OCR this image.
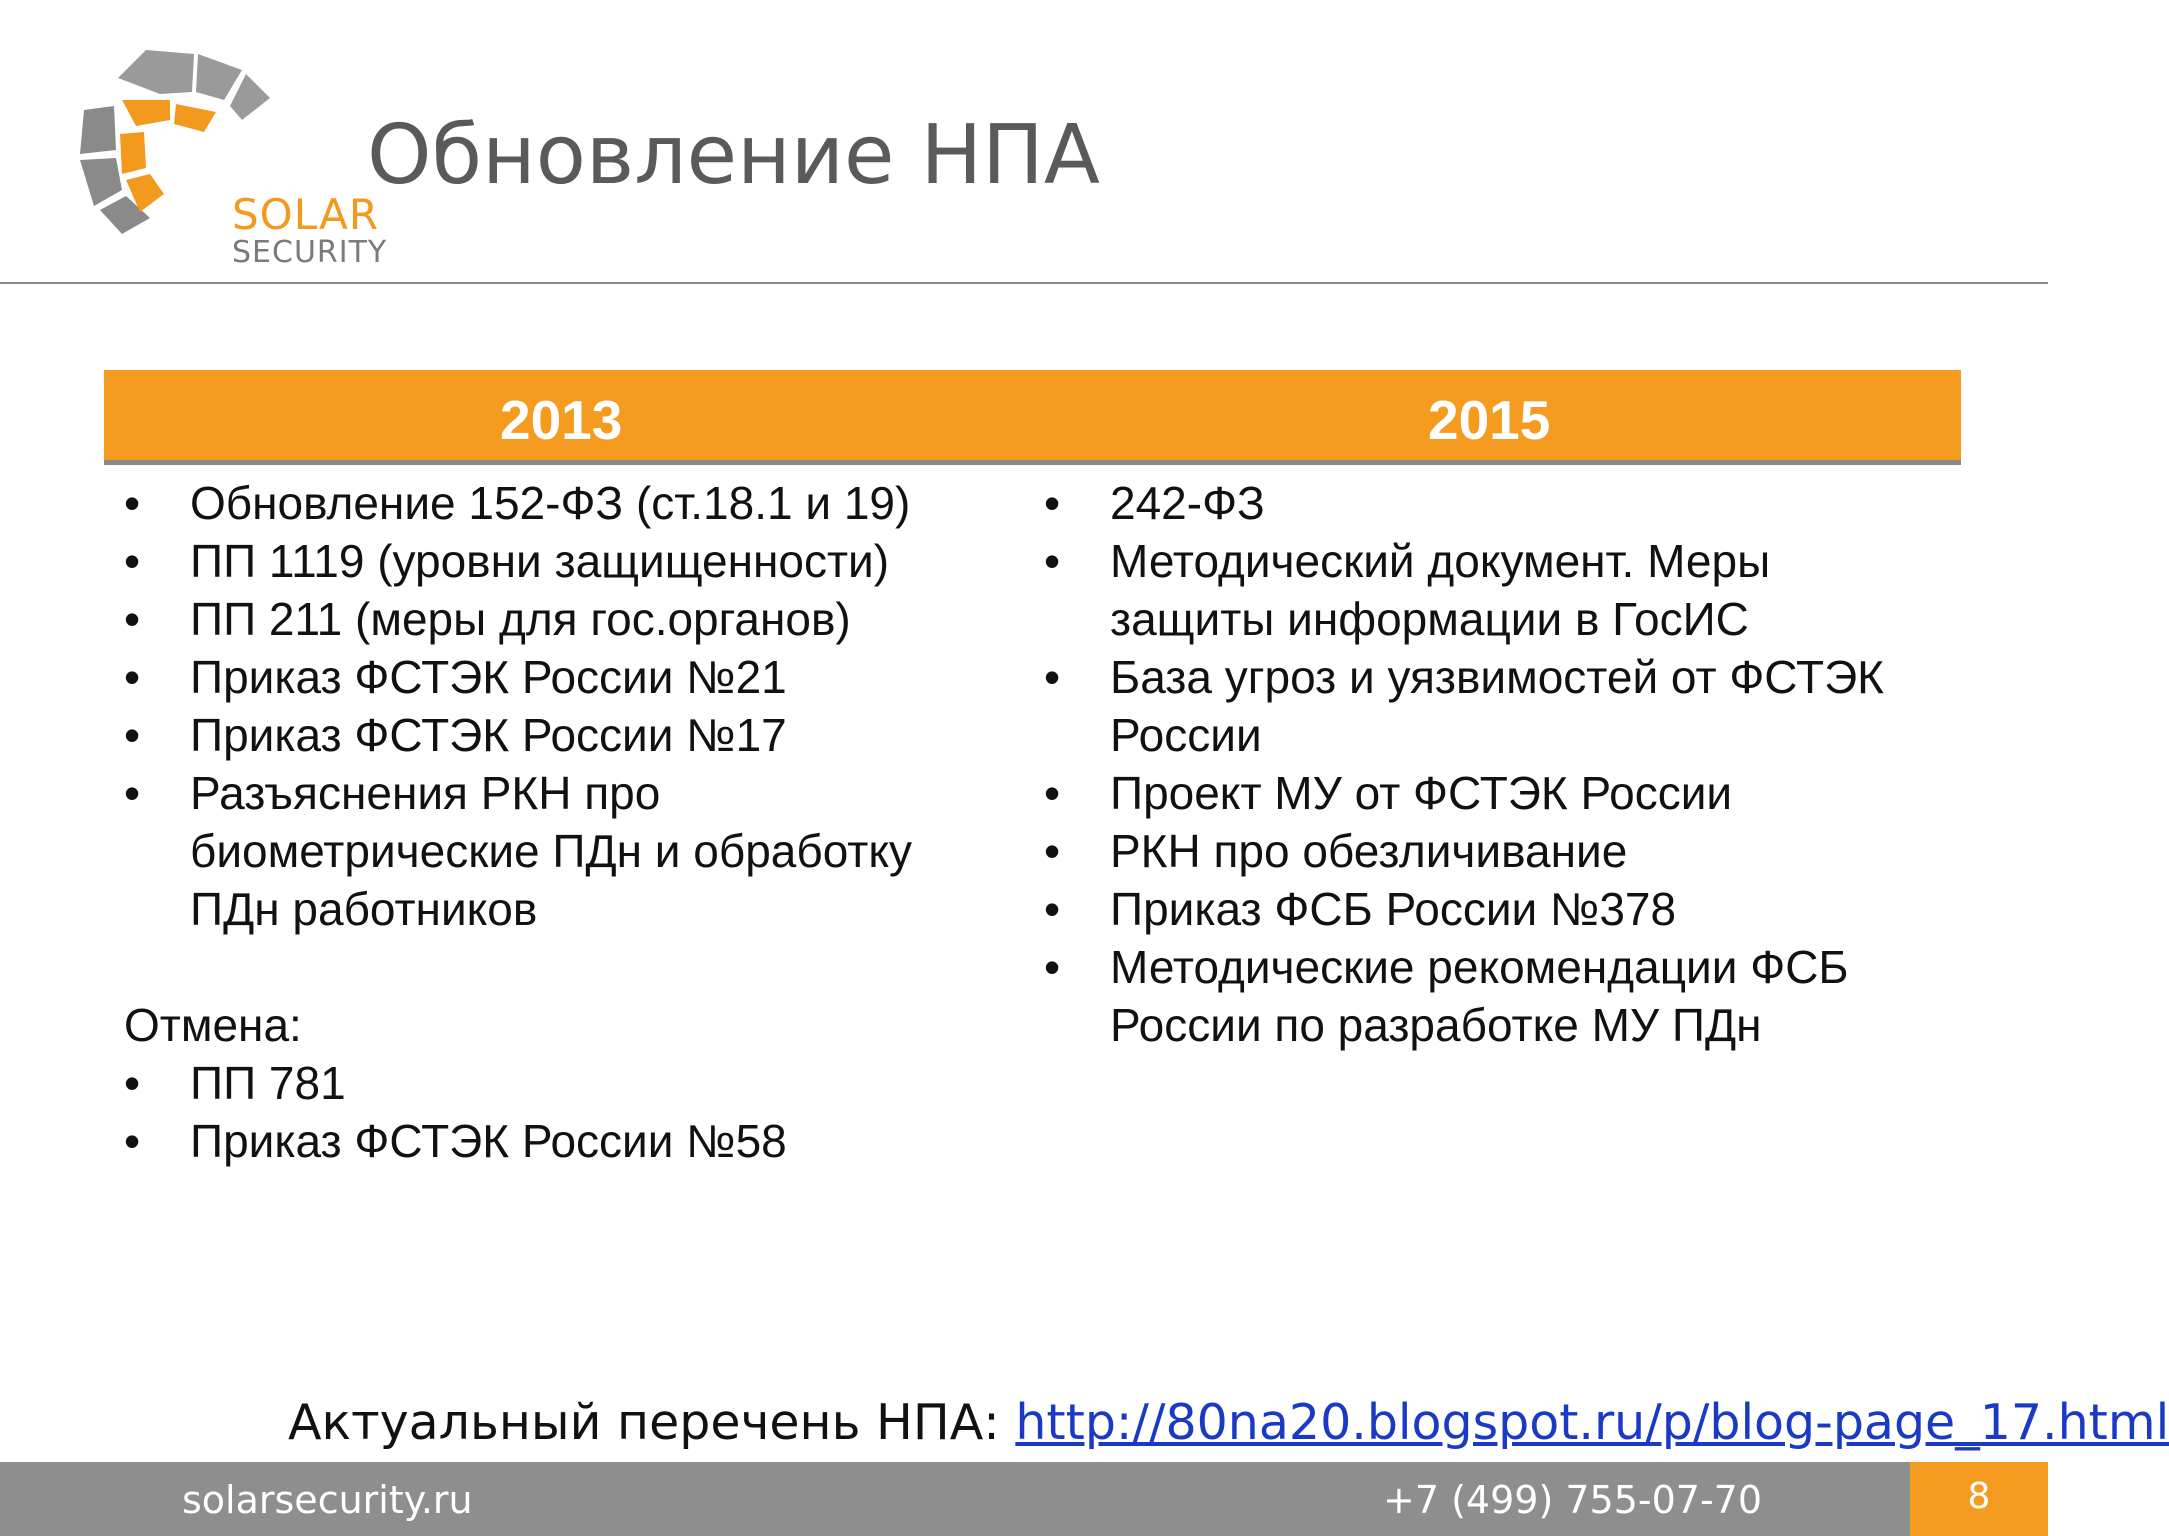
SOLAR
SECURITY
Обновление НПА
2013	2015
• Обновление 152-ФЗ (ст.18.1 и 19)
• ПП 1119 (уровни защищенности)
• ПП 211 (меры для гос.органов)
• Приказ ФСТЭК России №21
• Приказ ФСТЭК России №17
• Разъяснения РКН про биометрические ПДн и обработку ПДн работников
Отмена:
• ПП 781
• Приказ ФСТЭК России №58
• 242-ФЗ
• Методический документ. Меры защиты информации в ГосИС
• База угроз и уязвимостей от ФСТЭК России
• Проект МУ от ФСТЭК России
• РКН про обезличивание
• Приказ ФСБ России №378
• Методические рекомендации ФСБ России по разработке МУ ПДн
Актуальный перечень НПА: http://80na20.blogspot.ru/p/blog-page_17.html
solarsecurity.ru	+7 (499) 755-07-70	8
